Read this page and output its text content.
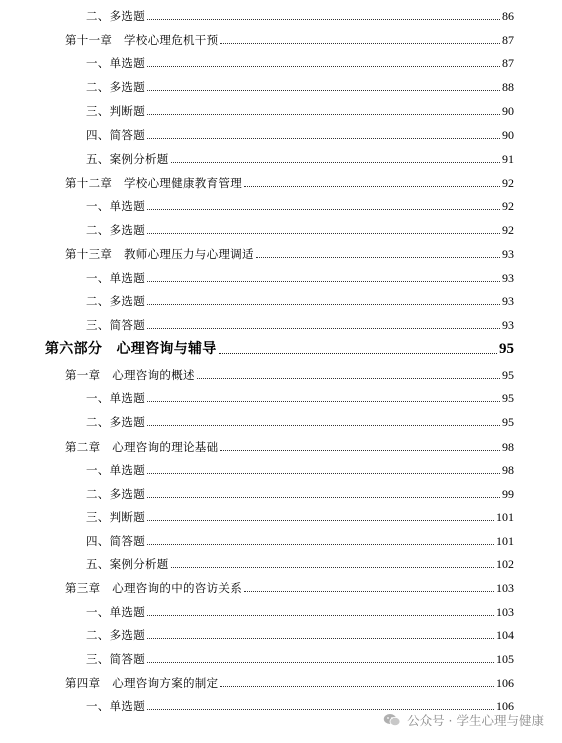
二、多选题	86
第十一章　学校心理危机干预	87
一、单选题	87
二、多选题	88
三、判断题	90
四、简答题	90
五、案例分析题	91
第十二章　学校心理健康教育管理	92
一、单选题	92
二、多选题	92
第十三章　教师心理压力与心理调适	93
一、单选题	93
二、多选题	93
三、简答题	93
第六部分　心理咨询与辅导	95
第一章　心理咨询的概述	95
一、单选题	95
二、多选题	95
第二章　心理咨询的理论基础	98
一、单选题	98
二、多选题	99
三、判断题	101
四、简答题	101
五、案例分析题	102
第三章　心理咨询的中的咨访关系	103
一、单选题	103
二、多选题	104
三、简答题	105
第四章　心理咨询方案的制定	106
一、单选题	106
公众号 · 学生心理与健康
